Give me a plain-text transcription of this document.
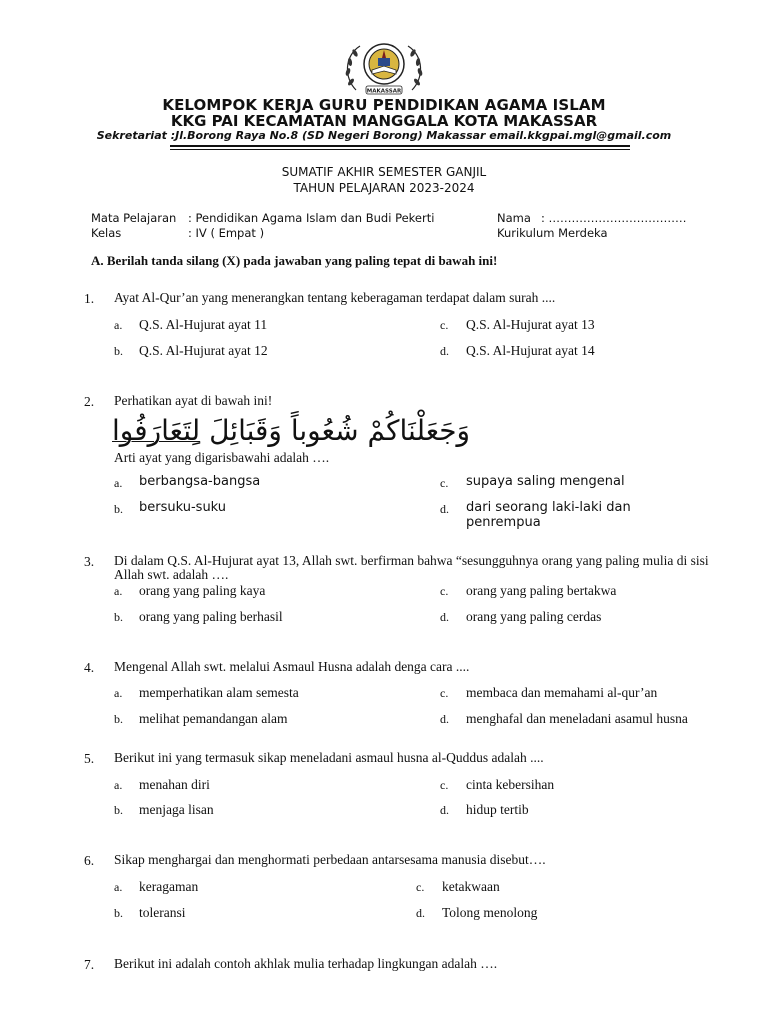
MAKASSAR
KELOMPOK KERJA GURU PENDIDIKAN AGAMA ISLAM
KKG PAI KECAMATAN MANGGALA KOTA MAKASSAR
Sekretariat :Jl.Borong Raya No.8 (SD Negeri Borong) Makassar email.kkgpai.mgl@gmail.com
SUMATIF AKHIR SEMESTER GANJIL
TAHUN PELAJARAN 2023-2024
Mata Pelajaran : Pendidikan Agama Islam dan Budi Pekerti
Kelas	: IV ( Empat )
Nama : ………………………………
Kurikulum Merdeka
A. Berilah tanda silang (X) pada jawaban yang paling tepat di bawah ini!
1. Ayat Al-Qur’an yang menerangkan tentang keberagaman terdapat dalam surah ....
a. Q.S. Al-Hujurat ayat 11
b. Q.S. Al-Hujurat ayat 12
c. Q.S. Al-Hujurat ayat 13
d. Q.S. Al-Hujurat ayat 14
2. Perhatikan ayat di bawah ini!
وَجَعَلْنَاكُمْ شُعُوباً وَقَبَائِلَ لِتَعَارَفُوا
Arti ayat yang digarisbawahi adalah ….
a. berbangsa-bangsa
b. bersuku-suku
c. supaya saling mengenal
d. dari seorang laki-laki dan penrempua
3. Di dalam Q.S. Al-Hujurat ayat 13, Allah swt. berfirman bahwa “sesungguhnya orang yang paling mulia di sisi Allah swt. adalah ….
a. orang yang paling kaya
b. orang yang paling berhasil
c. orang yang paling bertakwa
d. orang yang paling cerdas
4. Mengenal Allah swt. melalui Asmaul Husna adalah denga cara ....
a. memperhatikan alam semesta
b. melihat pemandangan alam
c. membaca dan memahami al-qur’an
d. menghafal dan meneladani asamul husna
5. Berikut ini yang termasuk sikap meneladani asmaul husna al-Quddus adalah ....
a. menahan diri
b. menjaga lisan
c. cinta kebersihan
d. hidup tertib
6. Sikap menghargai dan menghormati perbedaan antarsesama manusia disebut….
a. keragaman
b. toleransi
c. ketakwaan
d. Tolong menolong
7. Berikut ini adalah contoh akhlak mulia terhadap lingkungan adalah ….
